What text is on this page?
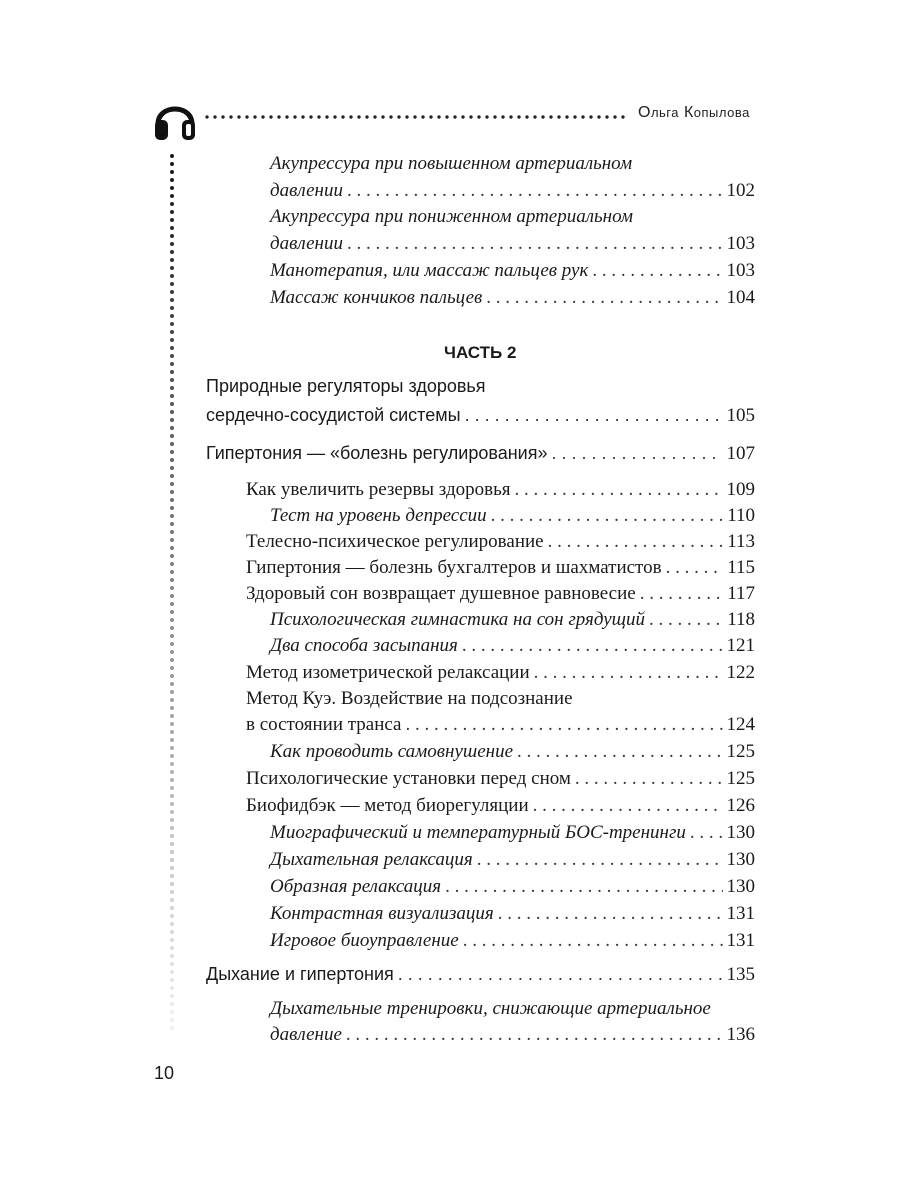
Ольга Копылова
Акупрессура при повышенном артериальном
давлении . . .	102
Акупрессура при пониженном артериальном
давлении . . .	103
Манотерапия, или массаж пальцев рук . . .	103
Массаж кончиков пальцев . . .	104
ЧАСТЬ 2
Природные регуляторы здоровья
сердечно-сосудистой системы . . .	105
Гипертония — «болезнь регулирования» . . .	107
Как увеличить резервы здоровья . . .	109
Тест на уровень депрессии . . .	110
Телесно-психическое регулирование . . .	113
Гипертония — болезнь бухгалтеров и шахматистов . . .	115
Здоровый сон возвращает душевное равновесие . . .	117
Психологическая гимнастика на сон грядущий . . .	118
Два способа засыпания . . .	121
Метод изометрической релаксации . . .	122
Метод Куэ. Воздействие на подсознание
в состоянии транса . . .	124
Как проводить самовнушение . . .	125
Психологические установки перед сном . . .	125
Биофидбэк — метод биорегуляции . . .	126
Миографический и температурный БОС-тренинги . . . 130
Дыхательная релаксация . . .	130
Образная релаксация . . .	130
Контрастная визуализация . . .	131
Игровое биоуправление . . .	131
Дыхание и гипертония . . .	135
Дыхательные тренировки, снижающие артериальное
давление . . .	136
10
